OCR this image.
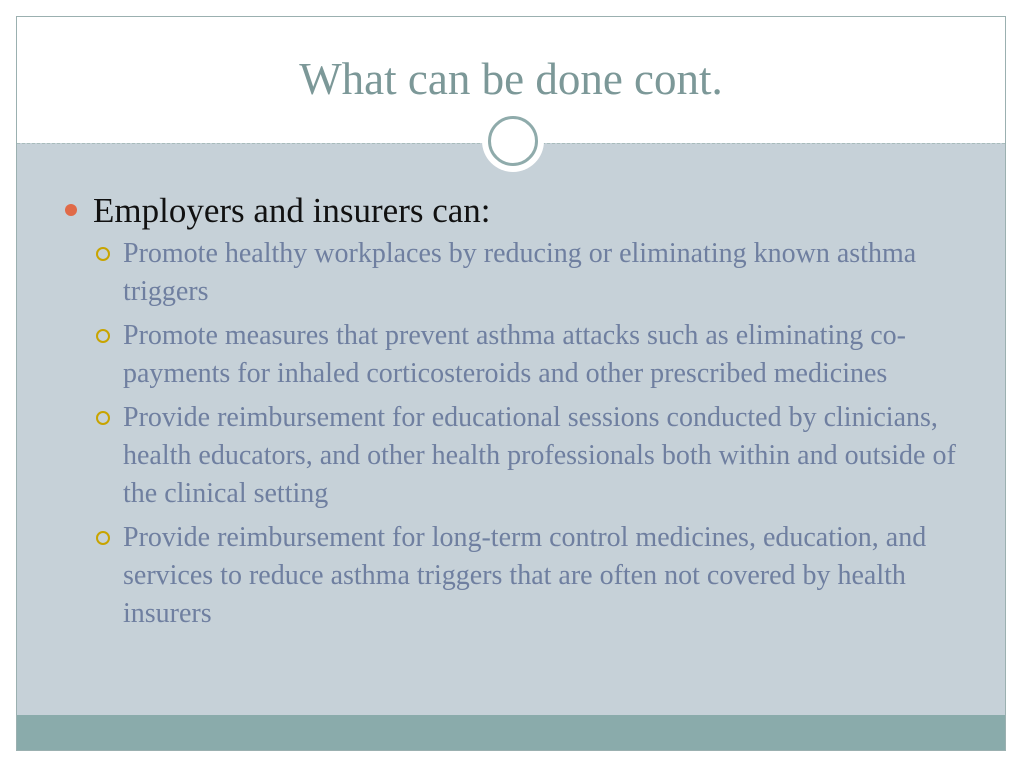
What can be done cont.
Employers and insurers can:
Promote healthy workplaces by reducing or eliminating known asthma triggers
Promote measures that prevent asthma attacks such as eliminating co-payments for inhaled corticosteroids and other prescribed medicines
Provide reimbursement for educational sessions conducted by clinicians, health educators, and other health professionals both within and outside of the clinical setting
Provide reimbursement for long-term control medicines, education, and services to reduce asthma triggers that are often not covered by health insurers
